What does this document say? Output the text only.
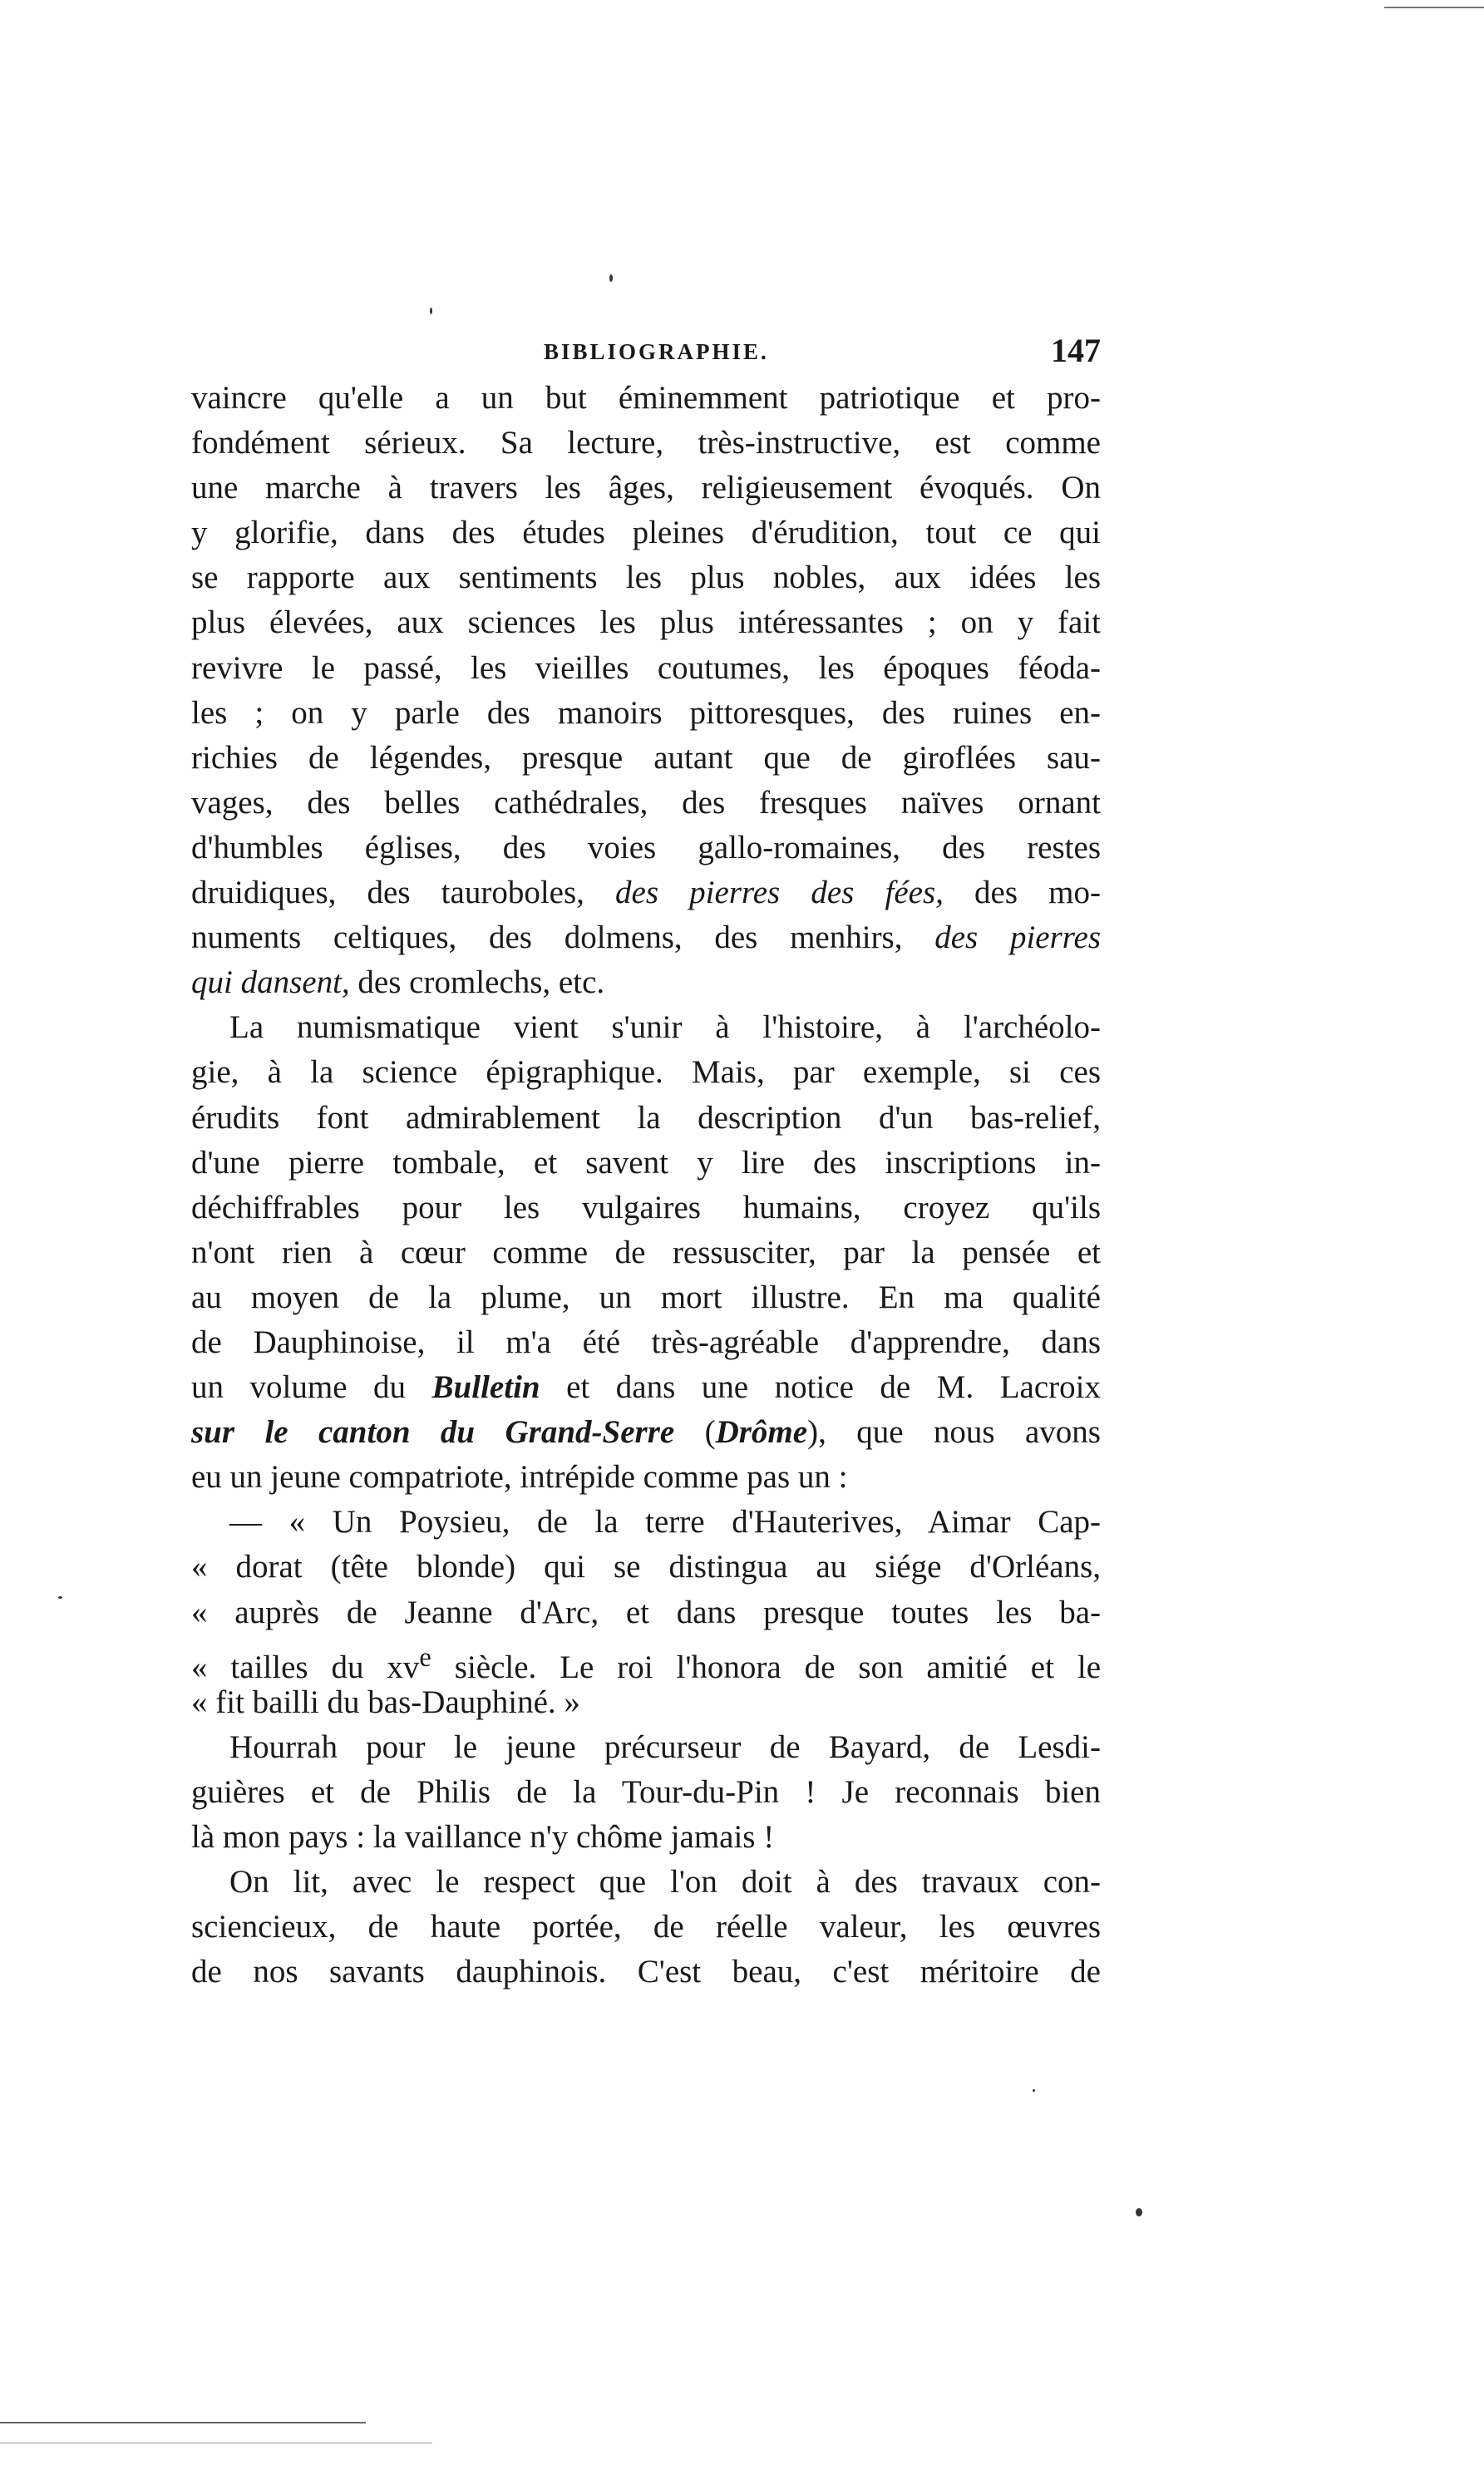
BIBLIOGRAPHIE.	147
vaincre qu'elle a un but éminemment patriotique et pro-
fondément sérieux. Sa lecture, très-instructive, est comme
une marche à travers les âges, religieusement évoqués. On
y glorifie, dans des études pleines d'érudition, tout ce qui
se rapporte aux sentiments les plus nobles, aux idées les
plus élevées, aux sciences les plus intéressantes ; on y fait
revivre le passé, les vieilles coutumes, les époques féoda-
les ; on y parle des manoirs pittoresques, des ruines en-
richies de légendes, presque autant que de giroflées sau-
vages, des belles cathédrales, des fresques naïves ornant
d'humbles églises, des voies gallo-romaines, des restes
druidiques, des tauroboles, des pierres des fées, des mo-
numents celtiques, des dolmens, des menhirs, des pierres
qui dansent, des cromlechs, etc.
La numismatique vient s'unir à l'histoire, à l'archéolo-
gie, à la science épigraphique. Mais, par exemple, si ces
érudits font admirablement la description d'un bas-relief,
d'une pierre tombale, et savent y lire des inscriptions in-
déchiffrables pour les vulgaires humains, croyez qu'ils
n'ont rien à cœur comme de ressusciter, par la pensée et
au moyen de la plume, un mort illustre. En ma qualité
de Dauphinoise, il m'a été très-agréable d'apprendre, dans
un volume du Bulletin et dans une notice de M. Lacroix
sur le canton du Grand-Serre (Drôme), que nous avons
eu un jeune compatriote, intrépide comme pas un :
— « Un Poysieu, de la terre d'Hauterives, Aimar Cap-
« dorat (tête blonde) qui se distingua au siége d'Orléans,
« auprès de Jeanne d'Arc, et dans presque toutes les ba-
« tailles du $xv^e$ siècle. Le roi l'honora de son amitié et le
« fit bailli du bas-Dauphiné. »
Hourrah pour le jeune précurseur de Bayard, de Lesdi-
guières et de Philis de la Tour-du-Pin ! Je reconnais bien
là mon pays : la vaillance n'y chôme jamais !
On lit, avec le respect que l'on doit à des travaux con-
sciencieux, de haute portée, de réelle valeur, les œuvres
de nos savants dauphinois. C'est beau, c'est méritoire de
